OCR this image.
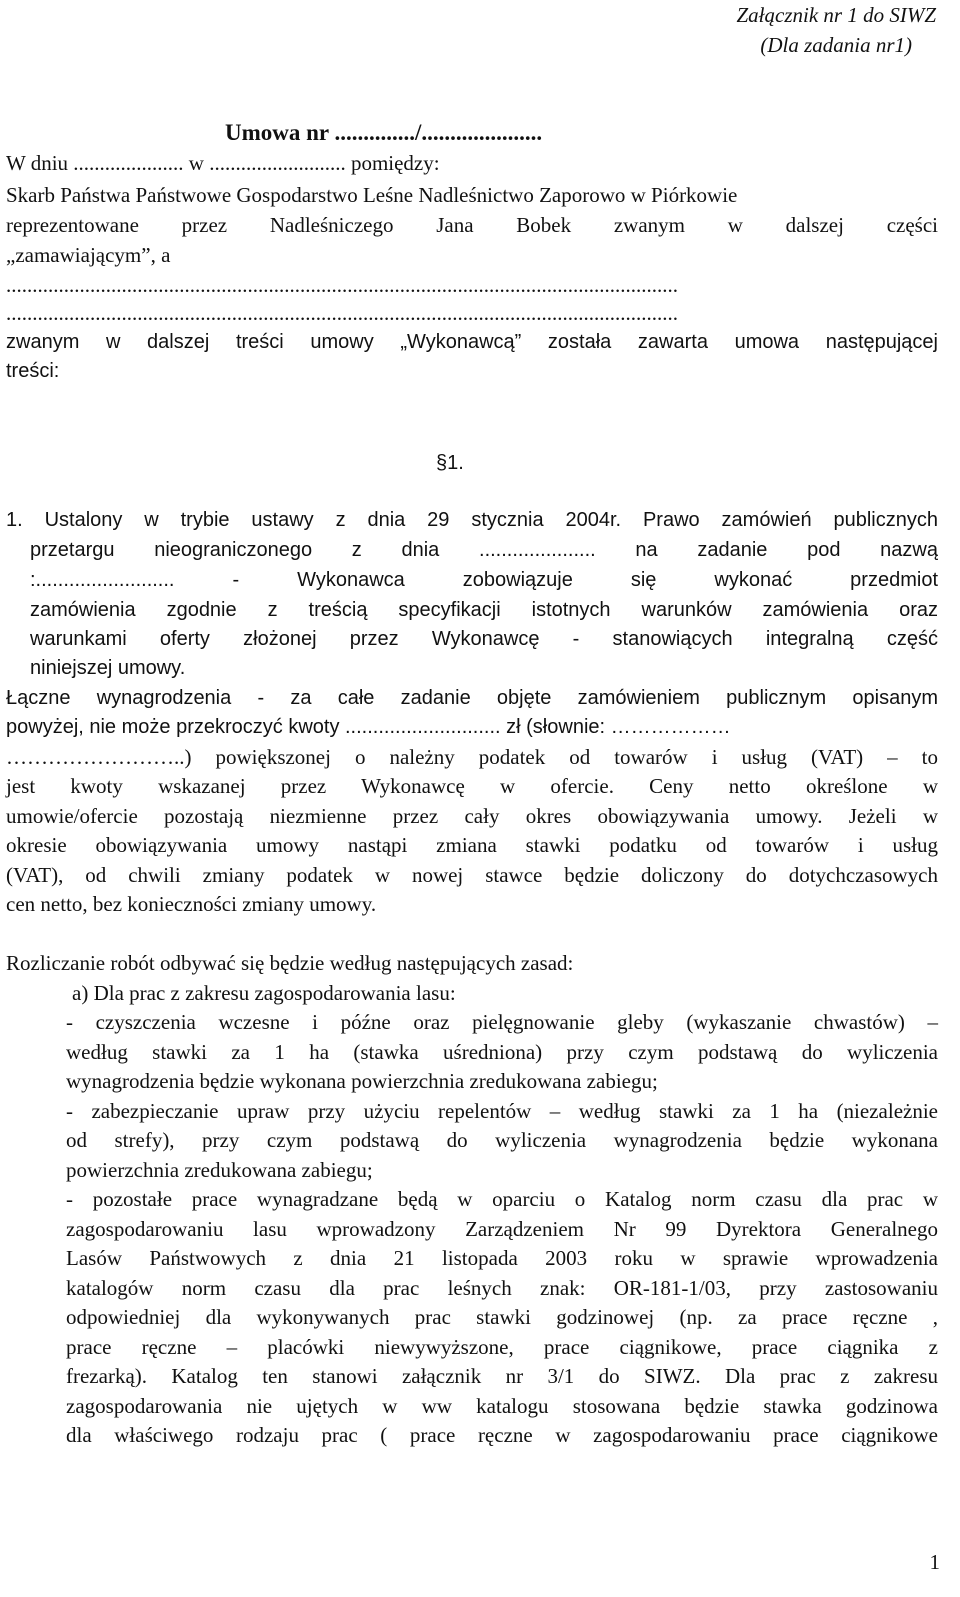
Załącznik nr 1 do SIWZ
(Dla zadania nr1)
Umowa nr ............../.....................
W dniu ..................... w .......................... pomiędzy:
Skarb Państwa Państwowe Gospodarstwo Leśne Nadleśnictwo Zaporowo w Piórkowie
reprezentowane przez Nadleśniczego Jana Bobek zwanym w dalszej części
„zamawiającym”, a
................................................................................................................................
................................................................................................................................
zwanym w dalszej treści umowy „Wykonawcą” została zawarta umowa następującej
treści:
§1.
1. Ustalony w trybie ustawy z dnia 29 stycznia 2004r. Prawo zamówień publicznych
przetargu nieograniczonego z dnia ..................... na zadanie pod nazwą
:......................... - Wykonawca zobowiązuje się wykonać przedmiot
zamówienia zgodnie z treścią specyfikacji istotnych warunków zamówienia oraz
warunkami oferty złożonej przez Wykonawcę - stanowiących integralną część
niniejszej umowy.
Łączne wynagrodzenia - za całe zadanie objęte zamówieniem publicznym opisanym
powyżej, nie może przekroczyć kwoty ............................ zł (słownie: ………………
……………………..) powiększonej o należny podatek od towarów i usług (VAT) – to
jest kwoty wskazanej przez Wykonawcę w ofercie. Ceny netto określone w
umowie/ofercie pozostają niezmienne przez cały okres obowiązywania umowy. Jeżeli w
okresie obowiązywania umowy nastąpi zmiana stawki podatku od towarów i usług
(VAT), od chwili zmiany podatek w nowej stawce będzie doliczony do dotychczasowych
cen netto, bez konieczności zmiany umowy.
Rozliczanie robót odbywać się będzie według następujących zasad:
a) Dla prac z zakresu zagospodarowania lasu:
- czyszczenia wczesne i późne oraz pielęgnowanie gleby (wykaszanie chwastów) –
według stawki za 1 ha (stawka uśredniona) przy czym podstawą do wyliczenia
wynagrodzenia będzie wykonana powierzchnia zredukowana zabiegu;
- zabezpieczanie upraw przy użyciu repelentów – według stawki za 1 ha (niezależnie
od strefy), przy czym podstawą do wyliczenia wynagrodzenia będzie wykonana
powierzchnia zredukowana zabiegu;
- pozostałe prace wynagradzane będą w oparciu o Katalog norm czasu dla prac w
zagospodarowaniu lasu wprowadzony Zarządzeniem Nr 99 Dyrektora Generalnego
Lasów Państwowych z dnia 21 listopada 2003 roku w sprawie wprowadzenia
katalogów norm czasu dla prac leśnych znak: OR-181-1/03, przy zastosowaniu
odpowiedniej dla wykonywanych prac stawki godzinowej (np. za prace ręczne ,
prace ręczne – placówki niewywyższone, prace ciągnikowe, prace ciągnika z
frezarką). Katalog ten stanowi załącznik nr 3/1 do SIWZ. Dla prac z zakresu
zagospodarowania nie ujętych w ww katalogu stosowana będzie stawka godzinowa
dla właściwego rodzaju prac ( prace ręczne w zagospodarowaniu prace ciągnikowe
1
